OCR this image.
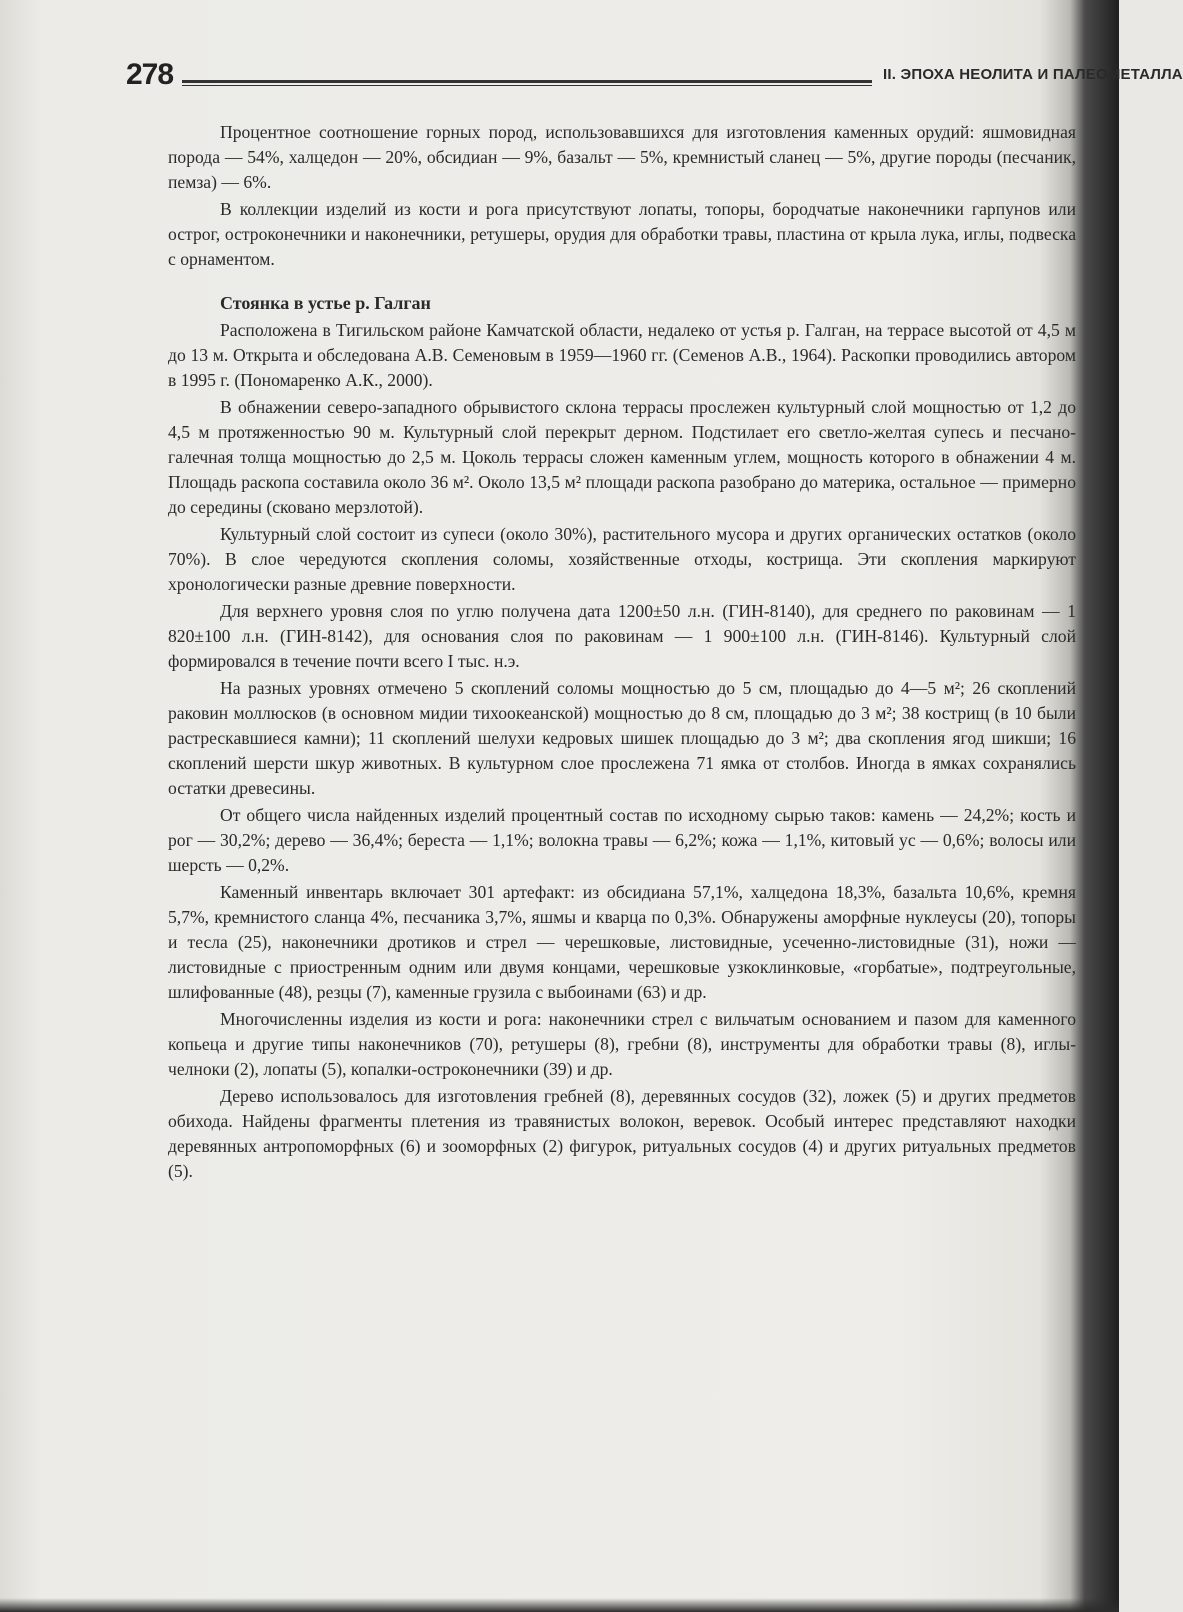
278	II. ЭПОХА НЕОЛИТА И ПАЛЕОМЕТАЛЛА

Процентное соотношение горных пород, использовавшихся для изготовления каменных орудий: яшмовидная порода — 54%, халцедон — 20%, обсидиан — 9%, базальт — 5%, кремнистый сланец — 5%, другие породы (песчаник, пемза) — 6%.

В коллекции изделий из кости и рога присутствуют лопаты, топоры, бородчатые наконечники гарпунов или острог, остроконечники и наконечники, ретушеры, орудия для обработки травы, пластина от крыла лука, иглы, подвеска с орнаментом.

Стоянка в устье р. Галган

Расположена в Тигильском районе Камчатской области, недалеко от устья р. Галган, на террасе высотой от 4,5 м до 13 м. Открыта и обследована А.В. Семеновым в 1959—1960 гг. (Семенов А.В., 1964). Раскопки проводились автором в 1995 г. (Пономаренко А.К., 2000).

В обнажении северо-западного обрывистого склона террасы прослежен культурный слой мощностью от 1,2 до 4,5 м протяженностью 90 м. Культурный слой перекрыт дерном. Подстилает его светло-желтая супесь и песчано-галечная толща мощностью до 2,5 м. Цоколь террасы сложен каменным углем, мощность которого в обнажении 4 м. Площадь раскопа составила около 36 м². Около 13,5 м² площади раскопа разобрано до материка, остальное — примерно до середины (сковано мерзлотой).

Культурный слой состоит из супеси (около 30%), растительного мусора и других органических остатков (около 70%). В слое чередуются скопления соломы, хозяйственные отходы, кострища. Эти скопления маркируют хронологически разные древние поверхности.

Для верхнего уровня слоя по углю получена дата 1200±50 л.н. (ГИН-8140), для среднего по раковинам — 1 820±100 л.н. (ГИН-8142), для основания слоя по раковинам — 1 900±100 л.н. (ГИН-8146). Культурный слой формировался в течение почти всего I тыс. н.э.

На разных уровнях отмечено 5 скоплений соломы мощностью до 5 см, площадью до 4—5 м²; 26 скоплений раковин моллюсков (в основном мидии тихоокеанской) мощностью до 8 см, площадью до 3 м²; 38 кострищ (в 10 были растрескавшиеся камни); 11 скоплений шелухи кедровых шишек площадью до 3 м²; два скопления ягод шикши; 16 скоплений шерсти шкур животных. В культурном слое прослежена 71 ямка от столбов. Иногда в ямках сохранялись остатки древесины.

От общего числа найденных изделий процентный состав по исходному сырью таков: камень — 24,2%; кость и рог — 30,2%; дерево — 36,4%; береста — 1,1%; волокна травы — 6,2%; кожа — 1,1%, китовый ус — 0,6%; волосы или шерсть — 0,2%.

Каменный инвентарь включает 301 артефакт: из обсидиана 57,1%, халцедона 18,3%, базальта 10,6%, кремня 5,7%, кремнистого сланца 4%, песчаника 3,7%, яшмы и кварца по 0,3%. Обнаружены аморфные нуклеусы (20), топоры и тесла (25), наконечники дротиков и стрел — черешковые, листовидные, усеченно-листовидные (31), ножи — листовидные с приостренным одним или двумя концами, черешковые узкоклинковые, «горбатые», подтреугольные, шлифованные (48), резцы (7), каменные грузила с выбоинами (63) и др.

Многочисленны изделия из кости и рога: наконечники стрел с вильчатым основанием и пазом для каменного копьеца и другие типы наконечников (70), ретушеры (8), гребни (8), инструменты для обработки травы (8), иглы-челноки (2), лопаты (5), копалки-остроконечники (39) и др.

Дерево использовалось для изготовления гребней (8), деревянных сосудов (32), ложек (5) и других предметов обихода. Найдены фрагменты плетения из травянистых волокон, веревок. Особый интерес представляют находки деревянных антропоморфных (6) и зооморфных (2) фигурок, ритуальных сосудов (4) и других ритуальных предметов (5).
